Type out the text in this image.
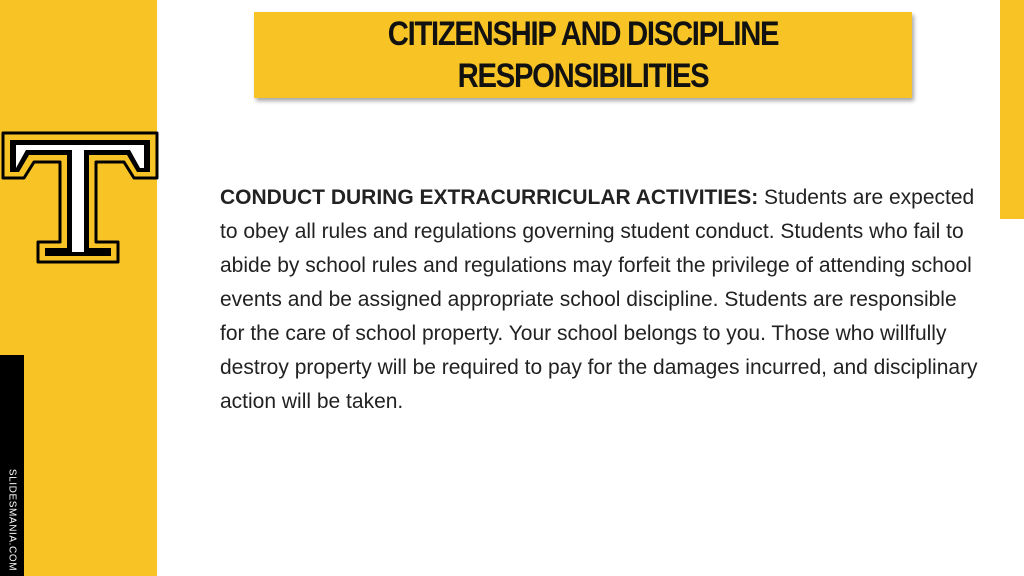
SLIDESMANIA.COM
CITIZENSHIP AND DISCIPLINE
RESPONSIBILITIES
CONDUCT DURING EXTRACURRICULAR ACTIVITIES: Students are expected to obey all rules and regulations governing student conduct. Students who fail to abide by school rules and regulations may forfeit the privilege of attending school events and be assigned appropriate school discipline. Students are responsible for the care of school property. Your school belongs to you. Those who willfully destroy property will be required to pay for the damages incurred, and disciplinary action will be taken.
